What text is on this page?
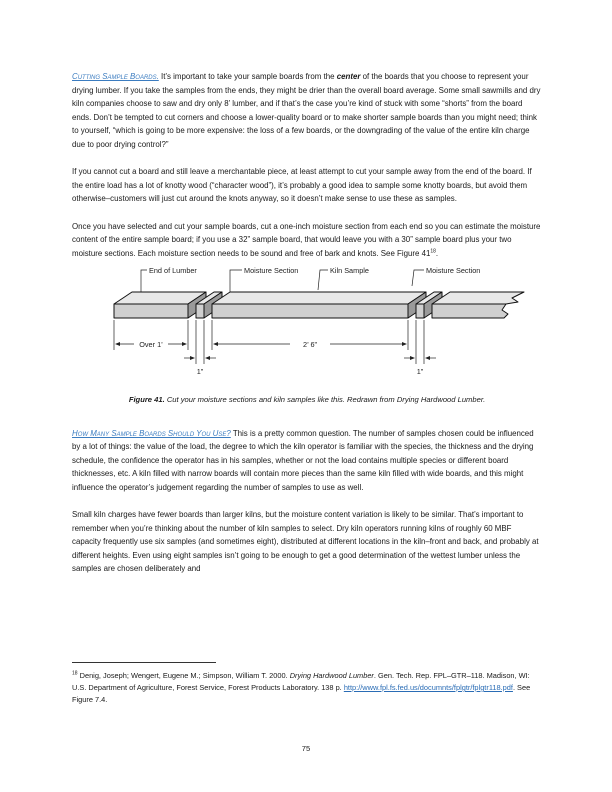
Cutting Sample Boards. It’s important to take your sample boards from the center of the boards that you choose to represent your drying lumber. If you take the samples from the ends, they might be drier than the overall board average. Some small sawmills and dry kiln companies choose to saw and dry only 8’ lumber, and if that’s the case you’re kind of stuck with some “shorts” from the board ends. Don’t be tempted to cut corners and choose a lower-quality board or to make shorter sample boards than you might need; think to yourself, “which is going to be more expensive: the loss of a few boards, or the downgrading of the value of the entire kiln charge due to poor drying control?”

If you cannot cut a board and still leave a merchantable piece, at least attempt to cut your sample away from the end of the board. If the entire load has a lot of knotty wood (“character wood”), it’s probably a good idea to sample some knotty boards, but avoid them otherwise–customers will just cut around the knots anyway, so it doesn’t make sense to use these as samples.

Once you have selected and cut your sample boards, cut a one-inch moisture section from each end so you can estimate the moisture content of the entire sample board; if you use a 32” sample board, that would leave you with a 30” sample board plus your two moisture sections. Each moisture section needs to be sound and free of bark and knots. See Figure $41^{18}$.

End of Lumber	Moisture Section	Kiln Sample	Moisture Section
Over 1’	2’ 6”
1”	1”

Figure 41. Cut your moisture sections and kiln samples like this. Redrawn from Drying Hardwood Lumber.

How Many Sample Boards Should You Use? This is a pretty common question. The number of samples chosen could be influenced by a lot of things: the value of the load, the degree to which the kiln operator is familiar with the species, the thickness and the drying schedule, the confidence the operator has in his samples, whether or not the load contains multiple species or different board thicknesses, etc. A kiln filled with narrow boards will contain more pieces than the same kiln filled with wide boards, and this might influence the operator’s judgement regarding the number of samples to use as well.

Small kiln charges have fewer boards than larger kilns, but the moisture content variation is likely to be similar. That’s important to remember when you’re thinking about the number of kiln samples to select. Dry kiln operators running kilns of roughly 60 MBF capacity frequently use six samples (and sometimes eight), distributed at different locations in the kiln–front and back, and probably at different heights. Even using eight samples isn’t going to be enough to get a good determination of the wettest lumber unless the samples are chosen deliberately and

$^{18}$ Denig, Joseph; Wengert, Eugene M.; Simpson, William T. 2000. Drying Hardwood Lumber. Gen. Tech. Rep. FPL–GTR–118. Madison, WI: U.S. Department of Agriculture, Forest Service, Forest Products Laboratory. 138 p. http://www.fpl.fs.fed.us/documnts/fplgtr/fplgtr118.pdf. See Figure 7.4.
75
